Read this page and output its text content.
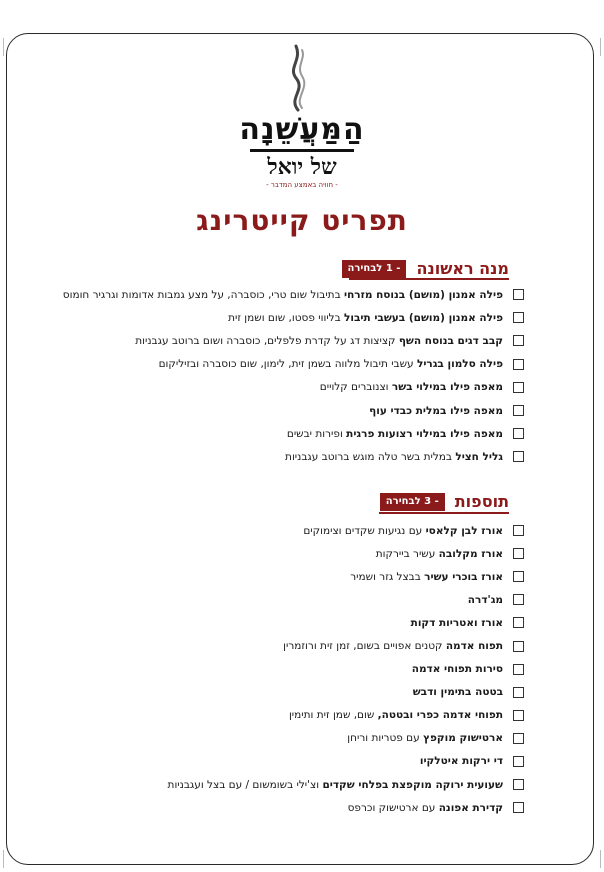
הַמַּעֲשֵׁנָה
של יואל
- חוויה באמצע המדבר -
תפריט קייטרינג
מנה ראשונה
- 1 לבחירה
פילה אמנון (מושם) בנוסח מזרחי בתיבול שום טרי, כוסברה, על מצע גמבות אדומות וגרגיר חומוס
פילה אמנון (מושם) בעשבי תיבול בליווי פסטו, שום ושמן זית
קבב דגים בנוסח השף קציצות דג על קדרת פלפלים, כוסברה ושום ברוטב עגבניות
פילה סלמון בגריל עשבי תיבול מלווה בשמן זית, לימון, שום כוסברה ובזיליקום
מאפה פילו במילוי בשר וצנוברים קלויים
מאפה פילו במלית כבדי עוף
מאפה פילו במילוי רצועות פרגית ופירות יבשים
גליל חציל במלית בשר טלה מוגש ברוטב עגבניות
תוספות
- 3 לבחירה
אורז לבן קלאסי עם נגיעות שקדים וצימוקים
אורז מקלובה עשיר ביירקות
אורז בוכרי עשיר בבצל גזר ושמיר
מג'דרה
אורז ואטריות דקות
תפוח אדמה קטנים אפויים בשום, זמן זית ורוזמרין
סירות תפוחי אדמה
בטטה בתימין ודבש
תפוחי אדמה כפרי ובטטה, שום, שמן זית ותימין
ארטישוק מוקפץ עם פטריות וריחן
די ירקות איטלקיו
שעועית ירוקה מוקפצת בפלחי שקדים וצ'ילי בשומשום / עם בצל ועגבניות
קדירת אפונה עם ארטישוק וכרפס
